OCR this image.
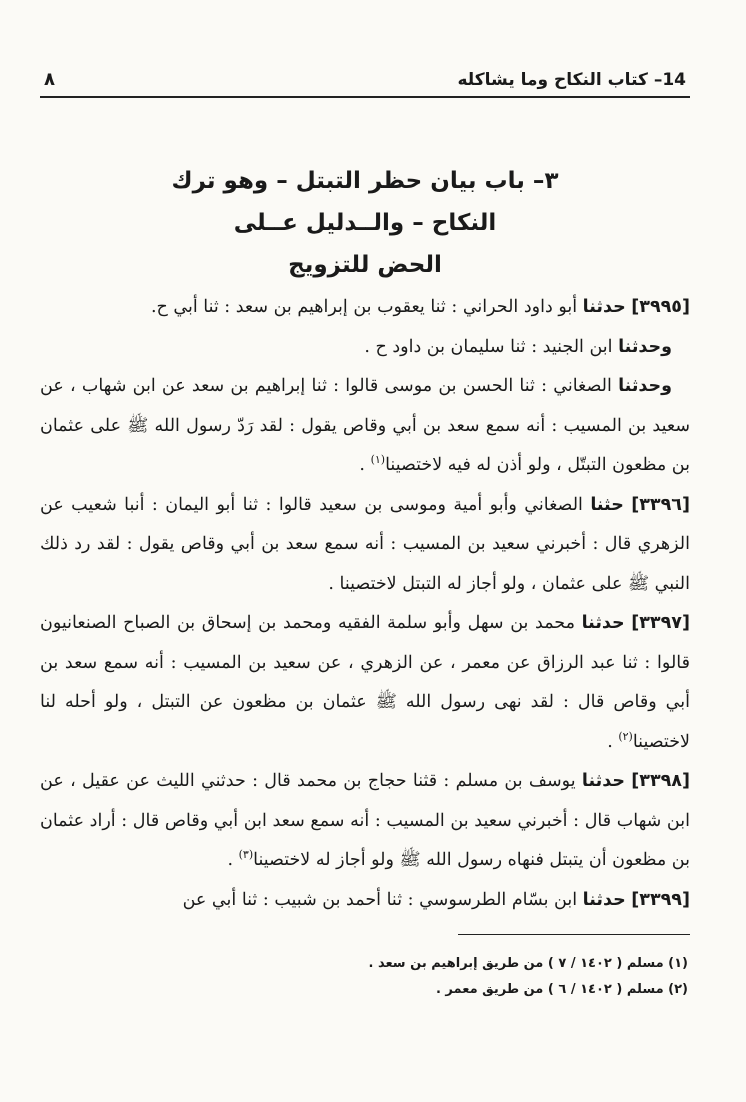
14– كتاب النكاح وما يشاكله
٨
٣– باب بيان حظر التبتل – وهو ترك
النكاح – والــدليل عــلى
الحض للتزويج

[٣٩٩٥] حدثنا أبو داود الحراني : ثنا يعقوب بن إبراهيم بن سعد : ثنا أبي ح.

وحدثنا ابن الجنيد : ثنا سليمان بن داود ح .

وحدثنا الصغاني : ثنا الحسن بن موسى قالوا : ثنا إبراهيم بن سعد عن ابن شهاب ، عن سعيد بن المسيب : أنه سمع سعد بن أبي وقاص يقول : لقد رَدّ رسول الله ﷺ على عثمان بن مظعون التبتّل ، ولو أذن له فيه لاختصينا$^{(١)}$ .

[٣٣٩٦] حثنا الصغاني وأبو أمية وموسى بن سعيد قالوا : ثنا أبو اليمان : أنبا شعيب عن الزهري قال : أخبرني سعيد بن المسيب : أنه سمع سعد بن أبي وقاص يقول : لقد رد ذلك النبي ﷺ على عثمان ، ولو أجاز له التبتل لاختصينا .

[٣٣٩٧] حدثنا محمد بن سهل وأبو سلمة الفقيه ومحمد بن إسحاق بن الصباح الصنعانيون قالوا : ثنا عبد الرزاق عن معمر ، عن الزهري ، عن سعيد بن المسيب : أنه سمع سعد بن أبي وقاص قال : لقد نهى رسول الله ﷺ عثمان بن مظعون عن التبتل ، ولو أحله لنا لاختصينا$^{(٢)}$ .

[٣٣٩٨] حدثنا يوسف بن مسلم : قثنا حجاج بن محمد قال : حدثني الليث عن عقيل ، عن ابن شهاب قال : أخبرني سعيد بن المسيب : أنه سمع سعد ابن أبي وقاص قال : أراد عثمان بن مظعون أن يتبتل فنهاه رسول الله ﷺ ولو أجاز له لاختصينا$^{(٣)}$ .

[٣٣٩٩] حدثنا ابن بسّام الطرسوسي : ثنا أحمد بن شبيب : ثنا أبي عن

(١) مسلم ( ١٤٠٢ / ٧ ) من طريق إبراهيم بن سعد .

(٢) مسلم ( ١٤٠٢ / ٦ ) من طريق معمر .
